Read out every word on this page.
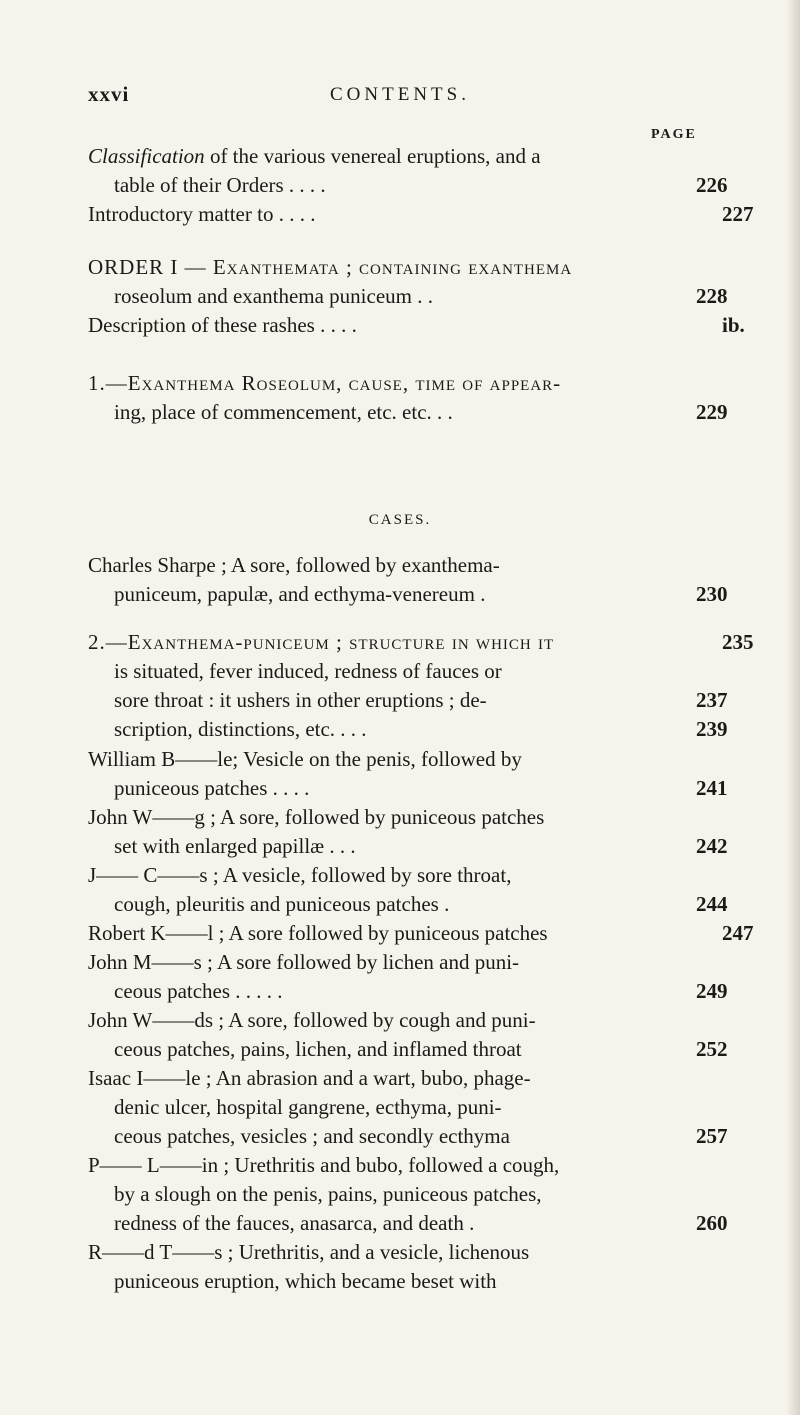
xxvi	CONTENTS.
PAGE
Classification of the various venereal eruptions, and a
table of their Orders . . . .	226
Introductory matter to . . . .	227
ORDER I — Exanthemata ; containing exanthema
roseolum and exanthema puniceum . .	228
Description of these rashes . . . .	ib.
1.—Exanthema Roseolum, cause, time of appear-
ing, place of commencement, etc. etc. . .	229
CASES.
Charles Sharpe ; A sore, followed by exanthema-
puniceum, papulæ, and ecthyma-venereum .	230
2.—Exanthema-puniceum ; structure in which it	235
is situated, fever induced, redness of fauces or
sore throat : it ushers in other eruptions ; de-	237
scription, distinctions, etc. . . .	239
William B——le; Vesicle on the penis, followed by
puniceous patches . . . .	241
John W——g ; A sore, followed by puniceous patches
set with enlarged papillæ . . .	242
J—— C——s ; A vesicle, followed by sore throat,
cough, pleuritis and puniceous patches .	244
Robert K——l ; A sore followed by puniceous patches	247
John M——s ; A sore followed by lichen and puni-
ceous patches . . . . .	249
John W——ds ; A sore, followed by cough and puni-
ceous patches, pains, lichen, and inflamed throat	252
Isaac I——le ; An abrasion and a wart, bubo, phage-
denic ulcer, hospital gangrene, ecthyma, puni-
ceous patches, vesicles ; and secondly ecthyma	257
P—— L——in ; Urethritis and bubo, followed a cough,
by a slough on the penis, pains, puniceous patches,
redness of the fauces, anasarca, and death .	260
R——d T——s ; Urethritis, and a vesicle, lichenous
puniceous eruption, which became beset with
